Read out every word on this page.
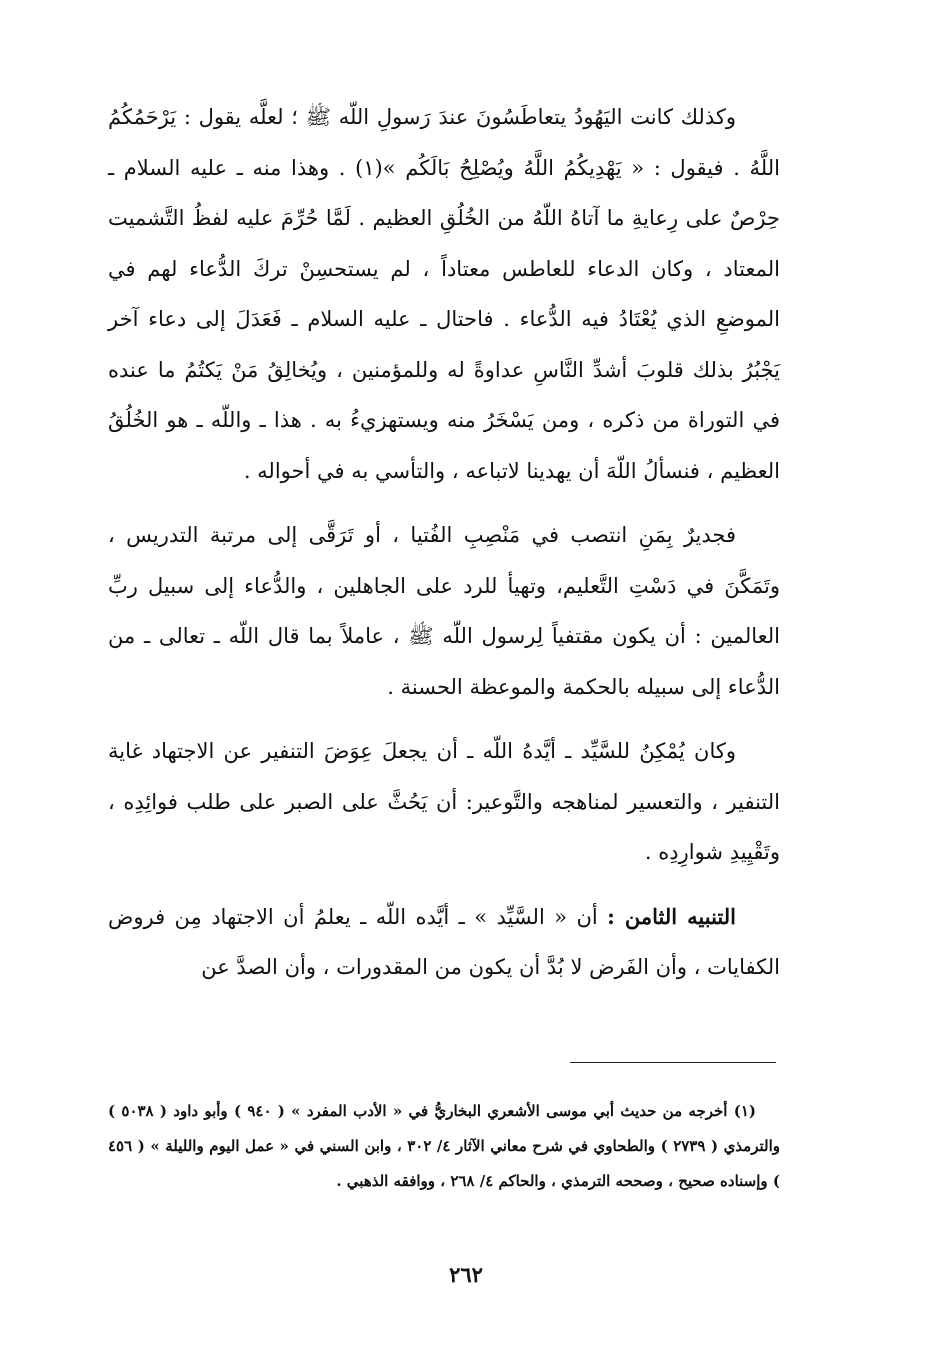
وكذلك كانت اليَهُودُ يتعاطَسُونَ عندَ رَسولِ اللّه ﷺ ؛ لعلَّه يقول : يَرْحَمُكُمُ اللَّهُ . فيقول : « يَهْدِيكُمُ اللَّهُ ويُصْلِحُ بَالَكُم »(١) . وهذا منه ـ عليه السلام ـ حِرْصٌ على رِعايةِ ما آتاهُ اللّهُ من الخُلُقِ العظيم . لَمَّا حُرِّمَ عليه لفظُ التَّشميت المعتاد ، وكان الدعاء للعاطس معتاداً ، لم يستحسِنْ تركَ الدُّعاء لهم في الموضعِ الذي يُعْتَادُ فيه الدُّعاء . فاحتال ـ عليه السلام ـ فَعَدَلَ إلى دعاء آخر يَجْبُرُ بذلك قلوبَ أشدِّ النَّاسِ عداوةً له وللمؤمنين ، ويُخالِقُ مَنْ يَكتُمُ ما عنده في التوراة من ذكره ، ومن يَسْخَرُ منه ويستهزيءُ به . هذا ـ واللّه ـ هو الخُلُقُ العظيم ، فنسألُ اللّهَ أن يهدينا لاتباعه ، والتأسي به في أحواله .

فجديرٌ بِمَنِ انتصب في مَنْصِبِ الفُتيا ، أو تَرَقَّى إلى مرتبة التدريس ، وتَمَكَّنَ في دَسْتِ التَّعليم، وتهيأ للرد على الجاهلين ، والدُّعاء إلى سبيل ربِّ العالمين : أن يكون مقتفياً لِرسول اللّه ﷺ ، عاملاً بما قال اللّه ـ تعالى ـ من الدُّعاء إلى سبيله بالحكمة والموعظة الحسنة .

وكان يُمْكِنُ للسَّيِّد ـ أيَّدهُ اللّه ـ أن يجعلَ عِوَضَ التنفير عن الاجتهاد غاية التنفير ، والتعسير لمناهجه والتَّوعير: أن يَحُثَّ على الصبر على طلب فوائِدِه ، وتَقْيِيدِ شوارِدِه .

التنبيه الثامن : أن « السَّيِّد » ـ أيَّده اللّه ـ يعلمُ أن الاجتهاد مِن فروض الكفايات ، وأن الفَرض لا بُدَّ أن يكون من المقدورات ، وأن الصدَّ عن

(١) أخرجه من حديث أبي موسى الأشعري البخاريُّ في « الأدب المفرد » ( ٩٤٠ ) وأبو داود ( ٥٠٣٨ ) والترمذي ( ٢٧٣٩ ) والطحاوي في شرح معاني الآثار ٤/ ٣٠٢ ، وابن السني في « عمل اليوم والليلة » ( ٤٥٦ ) وإسناده صحيح ، وصححه الترمذي ، والحاكم ٤/ ٢٦٨ ، ووافقه الذهبي .

٢٦٢
